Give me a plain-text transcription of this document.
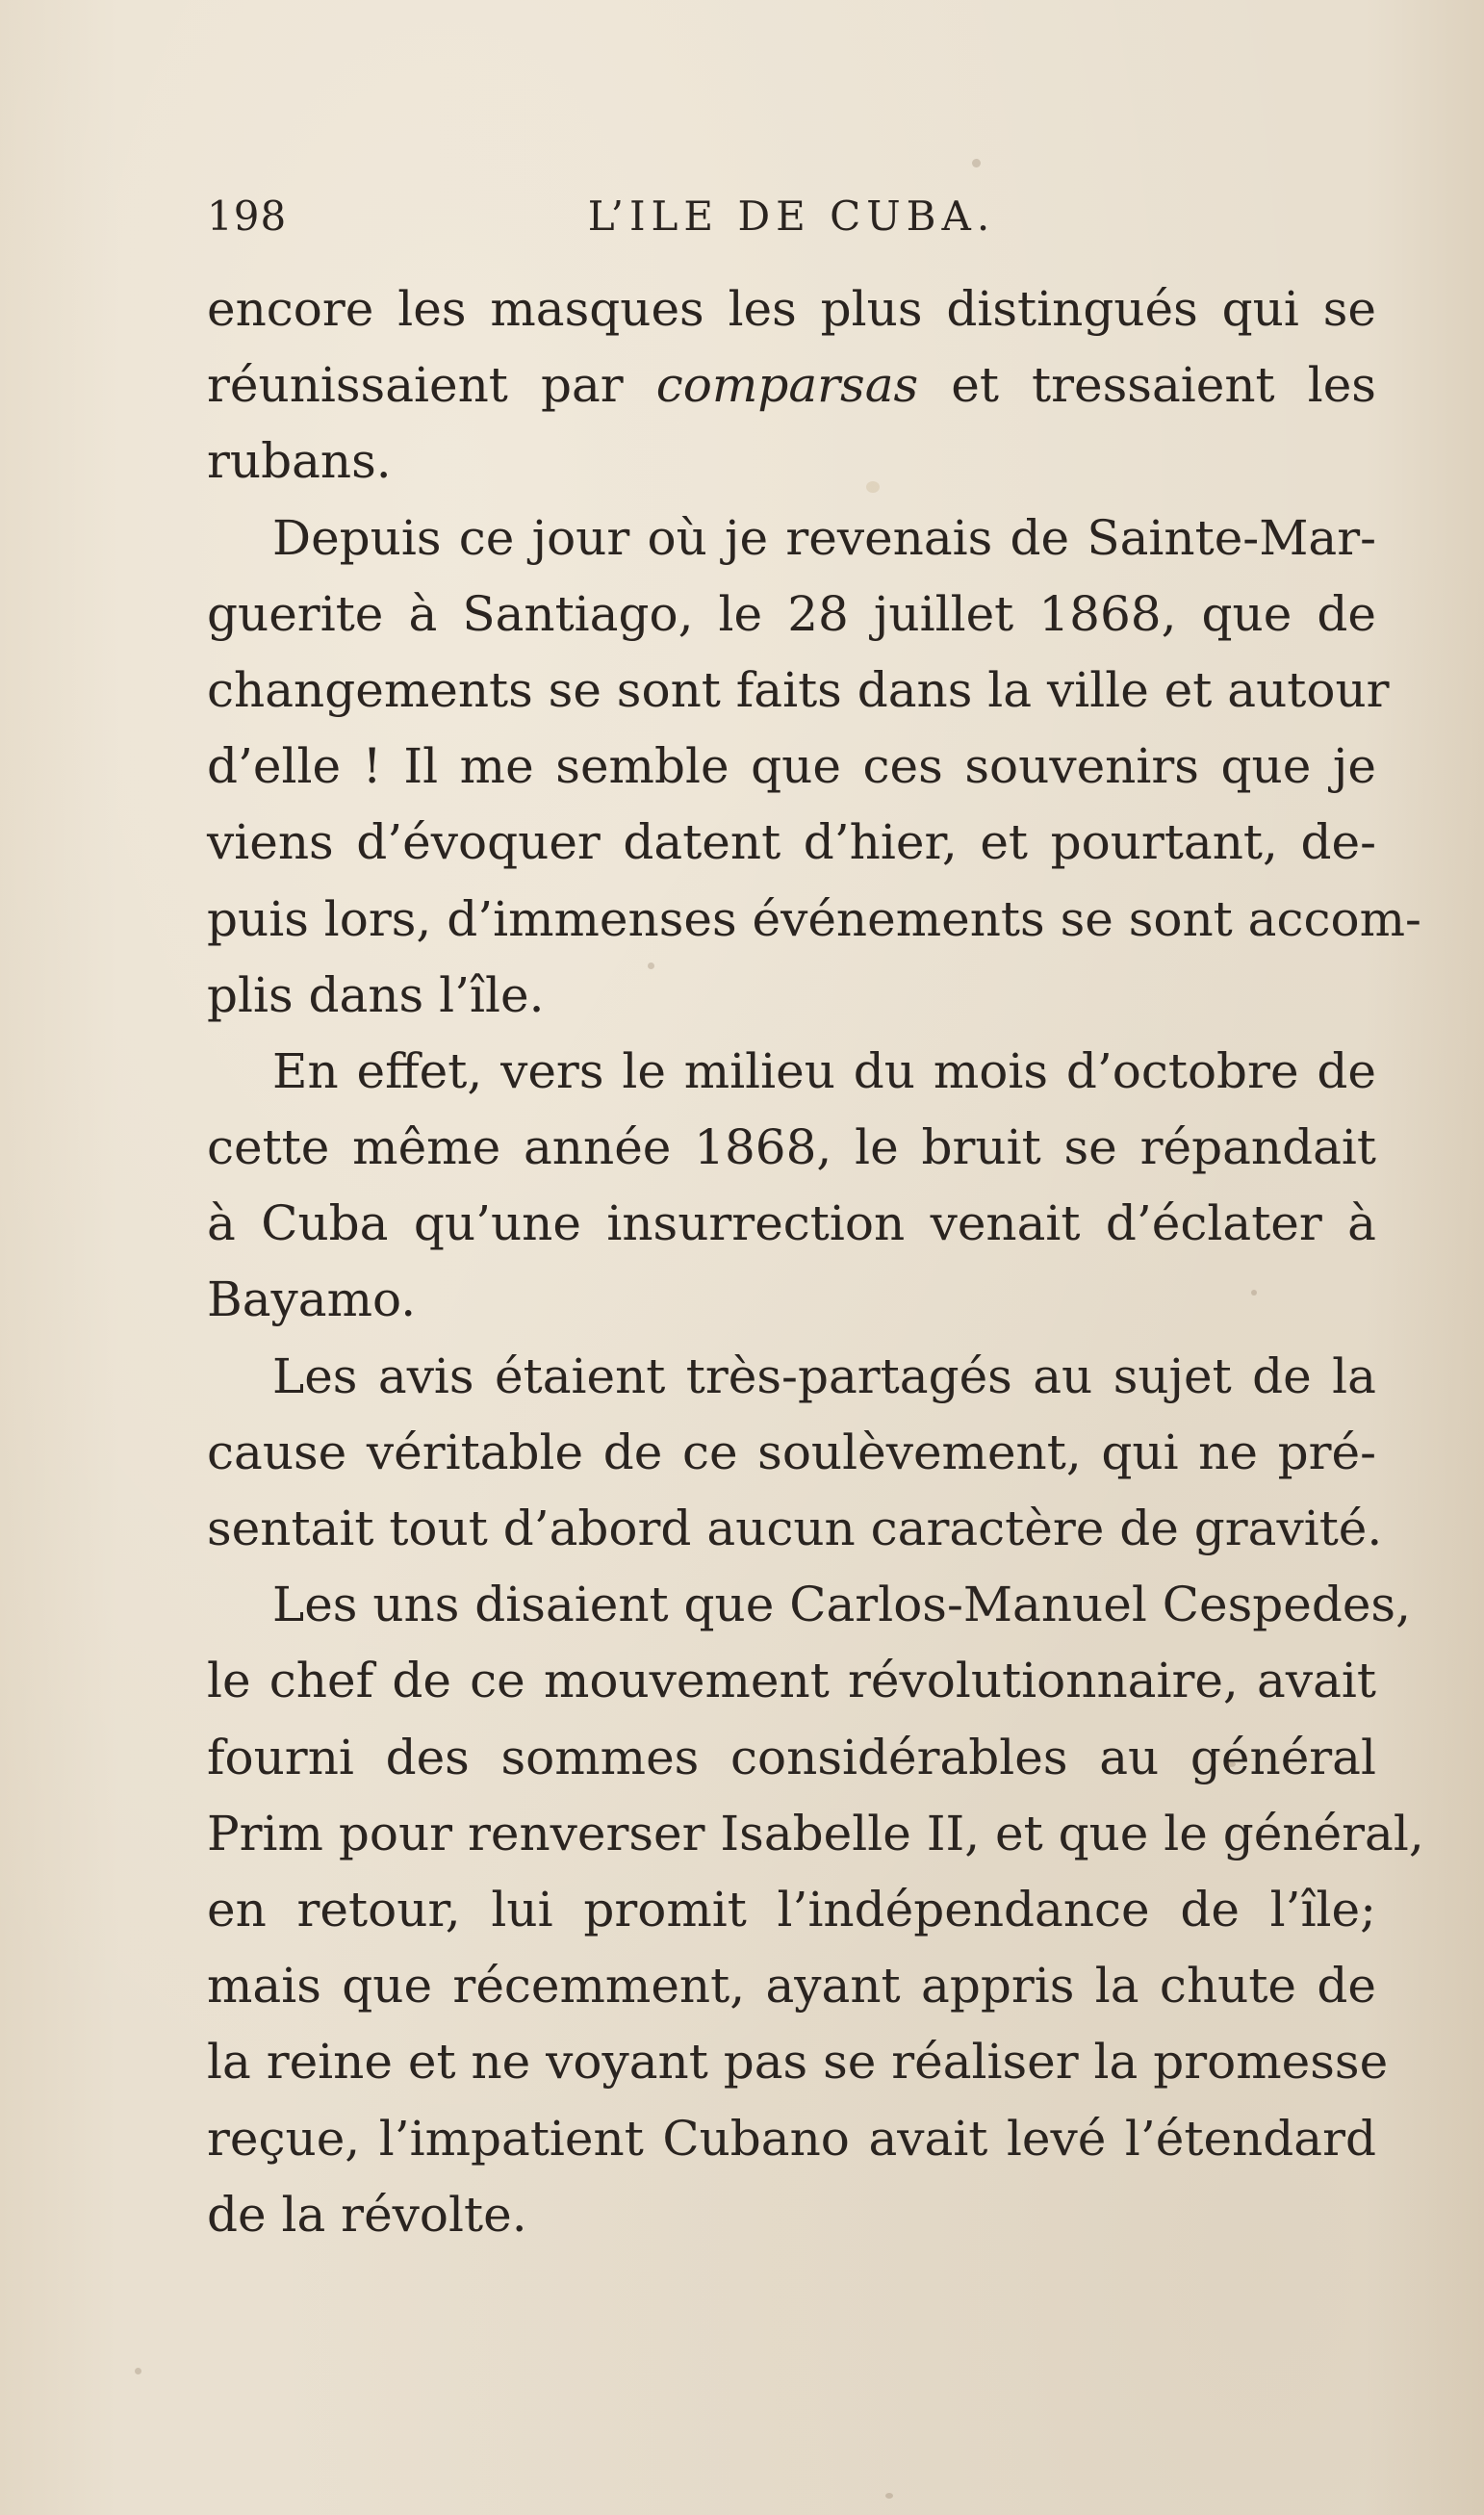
198	L’ILE DE CUBA.
encore les masques les plus distingués qui se
réunissaient par comparsas et tressaient les
rubans.
Depuis ce jour où je revenais de Sainte-Mar-
guerite à Santiago, le 28 juillet 1868, que de
changements se sont faits dans la ville et autour
d’elle ! Il me semble que ces souvenirs que je
viens d’évoquer datent d’hier, et pourtant, de-
puis lors, d’immenses événements se sont accom-
plis dans l’île.
En effet, vers le milieu du mois d’octobre de
cette même année 1868, le bruit se répandait
à Cuba qu’une insurrection venait d’éclater à
Bayamo.
Les avis étaient très-partagés au sujet de la
cause véritable de ce soulèvement, qui ne pré-
sentait tout d’abord aucun caractère de gravité.
Les uns disaient que Carlos-Manuel Cespedes,
le chef de ce mouvement révolutionnaire, avait
fourni des sommes considérables au général
Prim pour renverser Isabelle II, et que le général,
en retour, lui promit l’indépendance de l’île;
mais que récemment, ayant appris la chute de
la reine et ne voyant pas se réaliser la promesse
reçue, l’impatient Cubano avait levé l’étendard
de la révolte.
